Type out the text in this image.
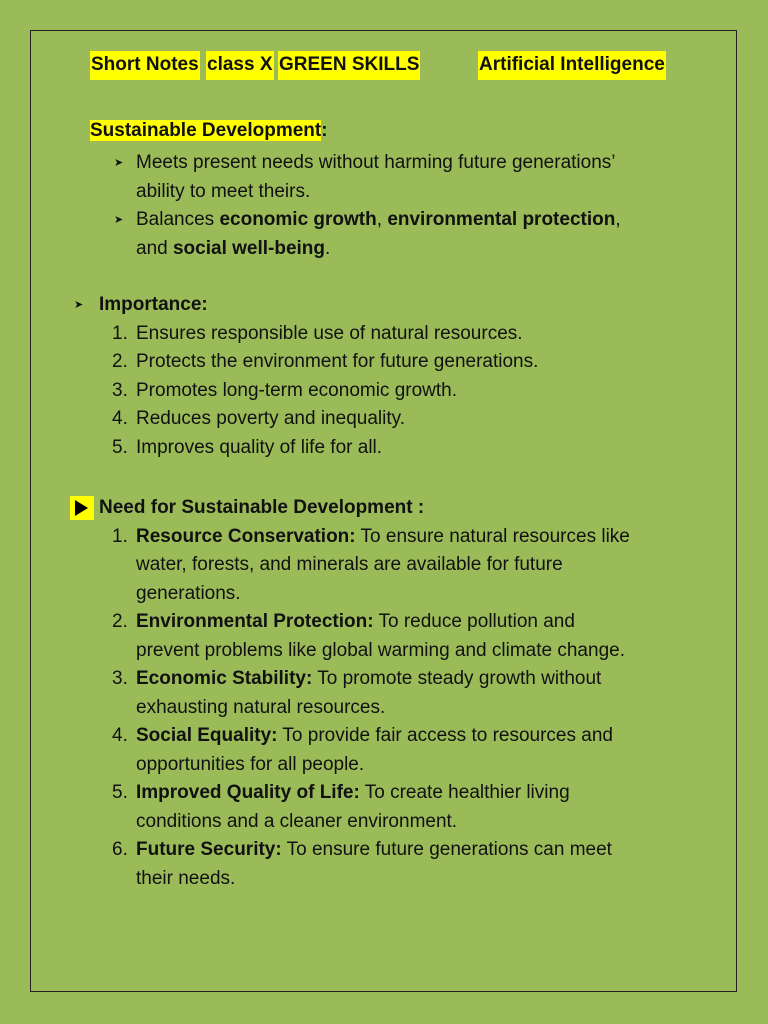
Short Notes class X GREEN SKILLS	Artificial Intelligence
Sustainable Development:
➤ Meets present needs without harming future generations’
ability to meet theirs.
➤ Balances economic growth, environmental protection,
and social well-being.
➤ Importance:
1. Ensures responsible use of natural resources.
2. Protects the environment for future generations.
3. Promotes long-term economic growth.
4. Reduces poverty and inequality.
5. Improves quality of life for all.
Need for Sustainable Development :
1. Resource Conservation: To ensure natural resources like
water, forests, and minerals are available for future
generations.
2. Environmental Protection: To reduce pollution and
prevent problems like global warming and climate change.
3. Economic Stability: To promote steady growth without
exhausting natural resources.
4. Social Equality: To provide fair access to resources and
opportunities for all people.
5. Improved Quality of Life: To create healthier living
conditions and a cleaner environment.
6. Future Security: To ensure future generations can meet
their needs.
